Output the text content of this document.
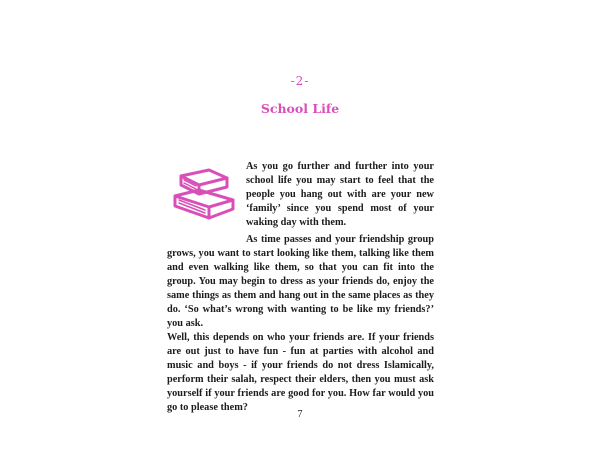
-2-
School Life

As you go further and further into your school life you may start to feel that the people you hang out with are your new ‘family’ since you spend most of your waking day with them.

As time passes and your friendship group grows, you want to start looking like them, talking like them and even walking like them, so that you can fit into the group. You may begin to dress as your friends do, enjoy the same things as them and hang out in the same places as they do. ‘So what’s wrong with wanting to be like my friends?’ you ask.

Well, this depends on who your friends are. If your friends are out just to have fun - fun at parties with alcohol and music and boys - if your friends do not dress Islamically, perform their salah, respect their elders, then you must ask yourself if your friends are good for you. How far would you go to please them?

7
